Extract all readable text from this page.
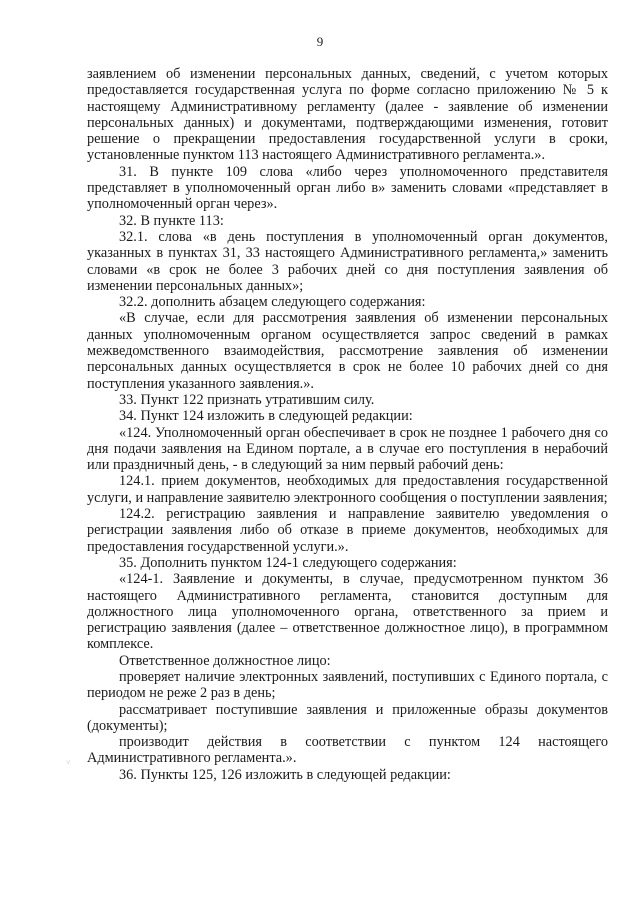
9

заявлением об изменении персональных данных, сведений, с учетом которых предоставляется государственная услуга по форме согласно приложению № 5 к настоящему Административному регламенту (далее - заявление об изменении персональных данных) и документами, подтверждающими изменения, готовит решение о прекращении предоставления государственной услуги в сроки, установленные пунктом 113 настоящего Административного регламента.».

31. В пункте 109 слова «либо через уполномоченного представителя представляет в уполномоченный орган либо в» заменить словами «представляет в уполномоченный орган через».

32. В пункте 113:

32.1. слова «в день поступления в уполномоченный орган документов, указанных в пунктах 31, 33 настоящего Административного регламента,» заменить словами «в срок не более 3 рабочих дней со дня поступления заявления об изменении персональных данных»;

32.2. дополнить абзацем следующего содержания:

«В случае, если для рассмотрения заявления об изменении персональных данных уполномоченным органом осуществляется запрос сведений в рамках межведомственного взаимодействия, рассмотрение заявления об изменении персональных данных осуществляется в срок не более 10 рабочих дней со дня поступления указанного заявления.».

33. Пункт 122 признать утратившим силу.

34. Пункт 124 изложить в следующей редакции:

«124. Уполномоченный орган обеспечивает в срок не позднее 1 рабочего дня со дня подачи заявления на Едином портале, а в случае его поступления в нерабочий или праздничный день, - в следующий за ним первый рабочий день:

124.1. прием документов, необходимых для предоставления государственной услуги, и направление заявителю электронного сообщения о поступлении заявления;

124.2. регистрацию заявления и направление заявителю уведомления о регистрации заявления либо об отказе в приеме документов, необходимых для предоставления государственной услуги.».

35. Дополнить пунктом 124-1 следующего содержания:

«124-1. Заявление и документы, в случае, предусмотренном пунктом 36 настоящего Административного регламента, становится доступным для должностного лица уполномоченного органа, ответственного за прием и регистрацию заявления (далее – ответственное должностное лицо), в программном комплексе.

Ответственное должностное лицо:

проверяет наличие электронных заявлений, поступивших с Единого портала, с периодом не реже 2 раз в день;

рассматривает поступившие заявления и приложенные образы документов (документы);

производит действия в соответствии с пунктом 124 настоящего Административного регламента.».

36. Пункты 125, 126 изложить в следующей редакции:

˅
